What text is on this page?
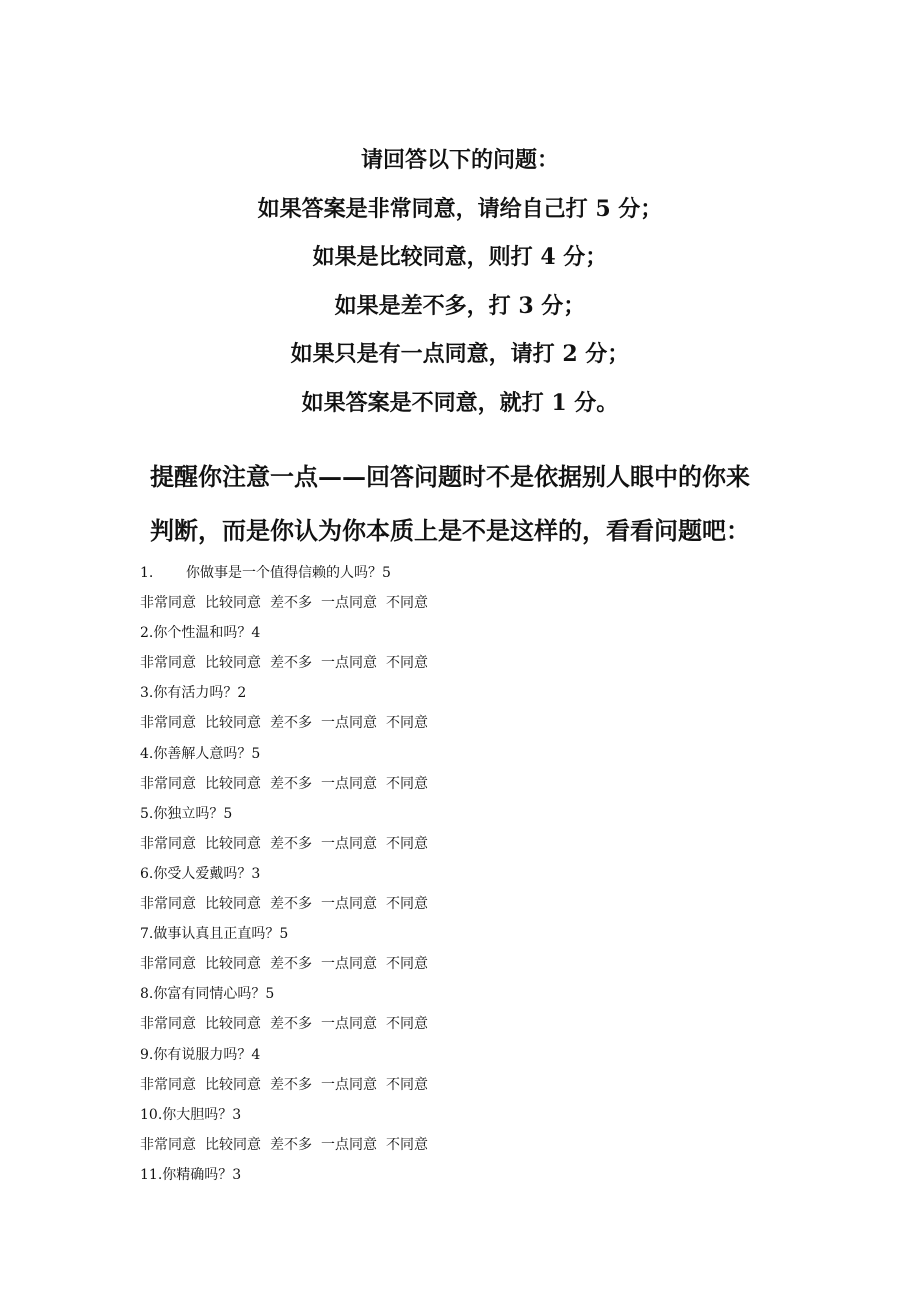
请回答以下的问题：
如果答案是非常同意，请给自己打 5 分；
如果是比较同意，则打 4 分；
如果是差不多，打 3 分；
如果只是有一点同意，请打 2 分；
如果答案是不同意，就打 1 分。
提醒你注意一点——回答问题时不是依据别人眼中的你来
判断，而是你认为你本质上是不是这样的，看看问题吧：
1. 你做事是一个值得信赖的人吗？5
非常同意 比较同意 差不多 一点同意 不同意
2.你个性温和吗？4
非常同意 比较同意 差不多 一点同意 不同意
3.你有活力吗？2
非常同意 比较同意 差不多 一点同意 不同意
4.你善解人意吗？5
非常同意 比较同意 差不多 一点同意 不同意
5.你独立吗？5
非常同意 比较同意 差不多 一点同意 不同意
6.你受人爱戴吗？3
非常同意 比较同意 差不多 一点同意 不同意
7.做事认真且正直吗？5
非常同意 比较同意 差不多 一点同意 不同意
8.你富有同情心吗？5
非常同意 比较同意 差不多 一点同意 不同意
9.你有说服力吗？4
非常同意 比较同意 差不多 一点同意 不同意
10.你大胆吗？3
非常同意 比较同意 差不多 一点同意 不同意
11.你精确吗？3
